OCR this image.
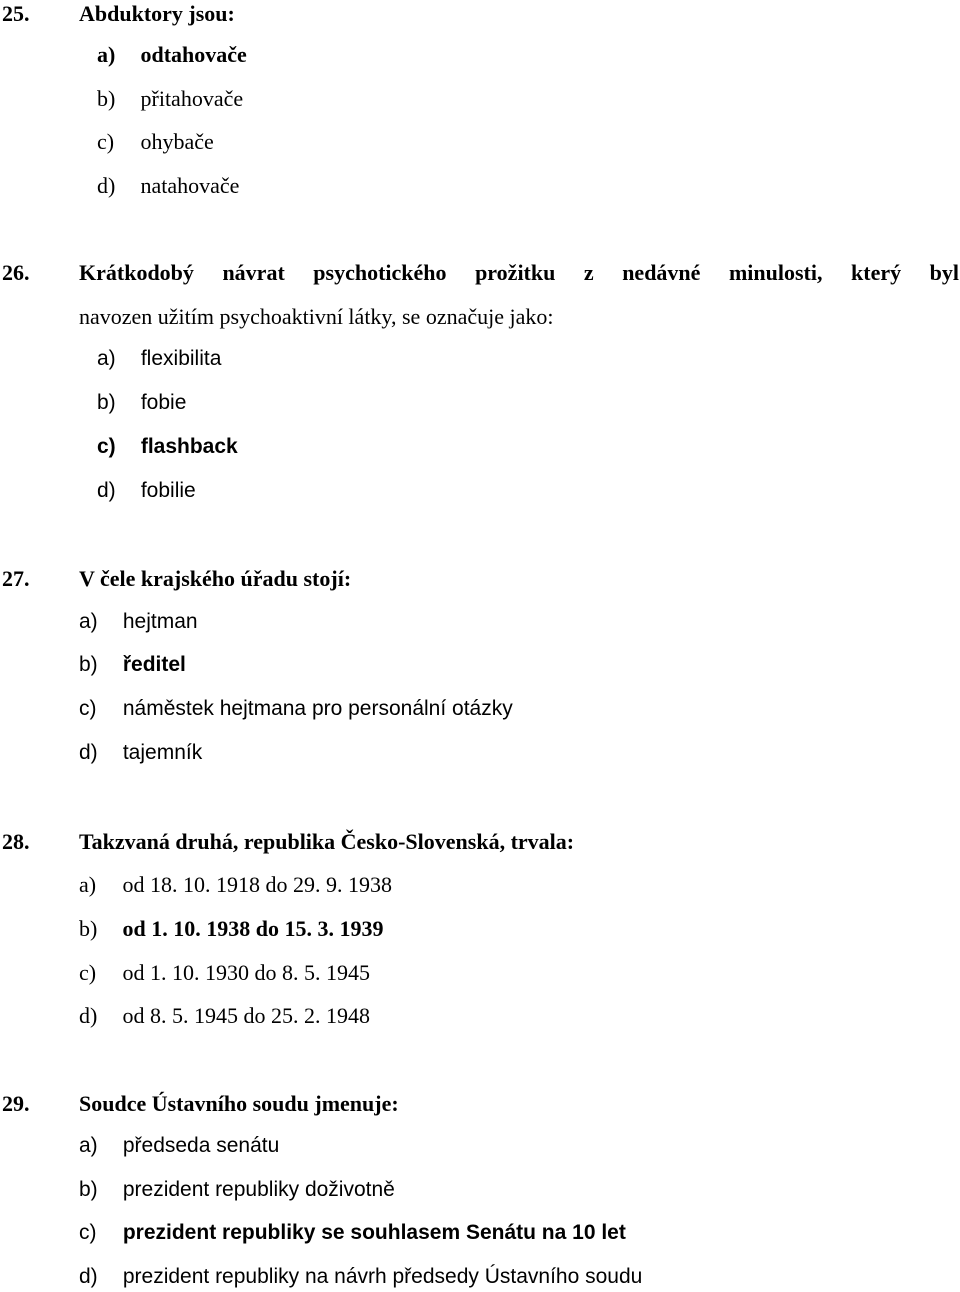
25. Abduktory jsou:
a) odtahovače
b) přitahovače
c) ohybače
d) natahovače
26. Krátkodobý návrat psychotického prožitku z nedávné minulosti, který byl
navozen užitím psychoaktivní látky, se označuje jako:
a) flexibilita
b) fobie
c) flashback
d) fobilie
27. V čele krajského úřadu stojí:
a) hejtman
b) ředitel
c) náměstek hejtmana pro personální otázky
d) tajemník
28. Takzvaná druhá, republika Česko-Slovenská, trvala:
a) od 18. 10. 1918 do 29. 9. 1938
b) od 1. 10. 1938 do 15. 3. 1939
c) od 1. 10. 1930 do 8. 5. 1945
d) od 8. 5. 1945 do 25. 2. 1948
29. Soudce Ústavního soudu jmenuje:
a) předseda senátu
b) prezident republiky doživotně
c) prezident republiky se souhlasem Senátu na 10 let
d) prezident republiky na návrh předsedy Ústavního soudu
